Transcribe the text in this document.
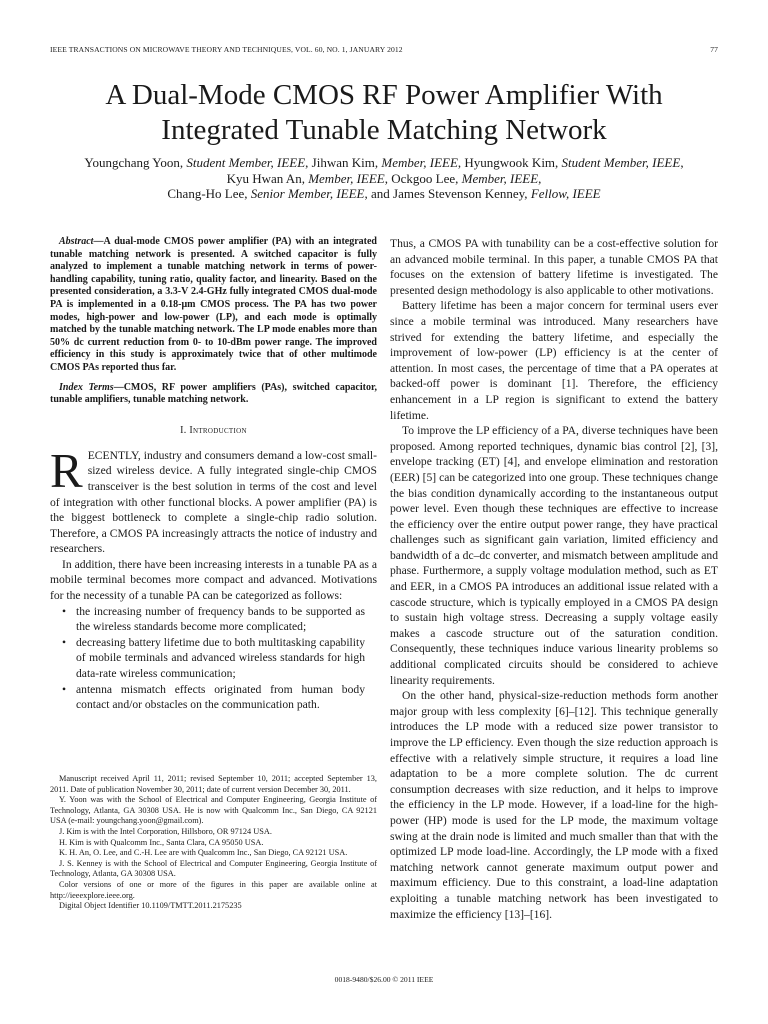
IEEE TRANSACTIONS ON MICROWAVE THEORY AND TECHNIQUES, VOL. 60, NO. 1, JANUARY 2012	77
A Dual-Mode CMOS RF Power Amplifier With
Integrated Tunable Matching Network
Youngchang Yoon, Student Member, IEEE, Jihwan Kim, Member, IEEE, Hyungwook Kim, Student Member, IEEE,
Kyu Hwan An, Member, IEEE, Ockgoo Lee, Member, IEEE,
Chang-Ho Lee, Senior Member, IEEE, and James Stevenson Kenney, Fellow, IEEE

Abstract—A dual-mode CMOS power amplifier (PA) with an integrated tunable matching network is presented. A switched capacitor is fully analyzed to implement a tunable matching network in terms of power-handling capability, tuning ratio, quality factor, and linearity. Based on the presented consideration, a 3.3-V 2.4-GHz fully integrated CMOS dual-mode PA is implemented in a 0.18-μm CMOS process. The PA has two power modes, high-power and low-power (LP), and each mode is optimally matched by the tunable matching network. The LP mode enables more than 50% dc current reduction from 0- to 10-dBm power range. The improved efficiency in this study is approximately twice that of other multimode CMOS PAs reported thus far.

Index Terms—CMOS, RF power amplifiers (PAs), switched capacitor, tunable amplifiers, tunable matching network.

I. Introduction

RECENTLY, industry and consumers demand a low-cost small-sized wireless device. A fully integrated single-chip CMOS transceiver is the best solution in terms of the cost and level of integration with other functional blocks. A power amplifier (PA) is the biggest bottleneck to complete a single-chip radio solution. Therefore, a CMOS PA increasingly attracts the notice of industry and researchers.

In addition, there have been increasing interests in a tunable PA as a mobile terminal becomes more compact and advanced. Motivations for the necessity of a tunable PA can be categorized as follows:

• the increasing number of frequency bands to be supported as the wireless standards become more complicated;
• decreasing battery lifetime due to both multitasking capability of mobile terminals and advanced wireless standards for high data-rate wireless communication;
• antenna mismatch effects originated from human body contact and/or obstacles on the communication path.

Manuscript received April 11, 2011; revised September 10, 2011; accepted September 13, 2011. Date of publication November 30, 2011; date of current version December 30, 2011.

Y. Yoon was with the School of Electrical and Computer Engineering, Georgia Institute of Technology, Atlanta, GA 30308 USA. He is now with Qualcomm Inc., San Diego, CA 92121 USA (e-mail: youngchang.yoon@gmail.com).

J. Kim is with the Intel Corporation, Hillsboro, OR 97124 USA.

H. Kim is with Qualcomm Inc., Santa Clara, CA 95050 USA.

K. H. An, O. Lee, and C.-H. Lee are with Qualcomm Inc., San Diego, CA 92121 USA.

J. S. Kenney is with the School of Electrical and Computer Engineering, Georgia Institute of Technology, Atlanta, GA 30308 USA.

Color versions of one or more of the figures in this paper are available online at http://ieeexplore.ieee.org.

Digital Object Identifier 10.1109/TMTT.2011.2175235

Thus, a CMOS PA with tunability can be a cost-effective solution for an advanced mobile terminal. In this paper, a tunable CMOS PA that focuses on the extension of battery lifetime is investigated. The presented design methodology is also applicable to other motivations.

Battery lifetime has been a major concern for terminal users ever since a mobile terminal was introduced. Many researchers have strived for extending the battery lifetime, and especially the improvement of low-power (LP) efficiency is at the center of attention. In most cases, the percentage of time that a PA operates at backed-off power is dominant [1]. Therefore, the efficiency enhancement in a LP region is significant to extend the battery lifetime.

To improve the LP efficiency of a PA, diverse techniques have been proposed. Among reported techniques, dynamic bias control [2], [3], envelope tracking (ET) [4], and envelope elimination and restoration (EER) [5] can be categorized into one group. These techniques change the bias condition dynamically according to the instantaneous output power level. Even though these techniques are effective to increase the efficiency over the entire output power range, they have practical challenges such as significant gain variation, limited efficiency and bandwidth of a dc–dc converter, and mismatch between amplitude and phase. Furthermore, a supply voltage modulation method, such as ET and EER, in a CMOS PA introduces an additional issue related with a cascode structure, which is typically employed in a CMOS PA design to sustain high voltage stress. Decreasing a supply voltage easily makes a cascode structure out of the saturation condition. Consequently, these techniques induce various linearity problems so additional complicated circuits should be considered to achieve linearity requirements.

On the other hand, physical-size-reduction methods form another major group with less complexity [6]–[12]. This technique generally introduces the LP mode with a reduced size power transistor to improve the LP efficiency. Even though the size reduction approach is effective with a relatively simple structure, it requires a load line adaptation to be a more complete solution. The dc current consumption decreases with size reduction, and it helps to improve the efficiency in the LP mode. However, if a load-line for the high-power (HP) mode is used for the LP mode, the maximum voltage swing at the drain node is limited and much smaller than that with the optimized LP mode load-line. Accordingly, the LP mode with a fixed matching network cannot generate maximum output power and maximum efficiency. Due to this constraint, a load-line adaptation exploiting a tunable matching network has been investigated to maximize the efficiency [13]–[16].

0018-9480/$26.00 © 2011 IEEE
